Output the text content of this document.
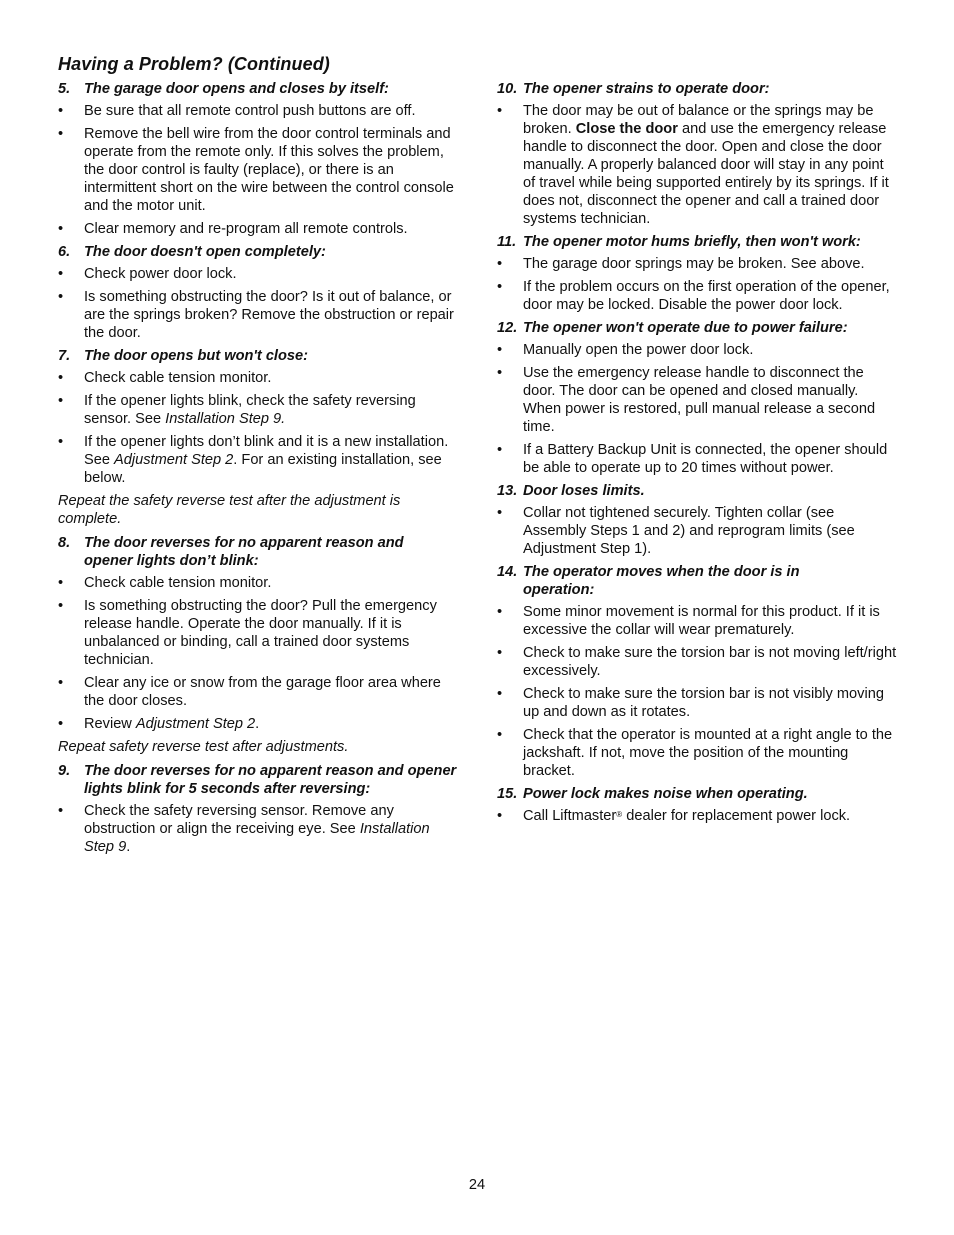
Having a Problem? (Continued)

5. The garage door opens and closes by itself:

•	Be sure that all remote control push buttons are off.
•	Remove the bell wire from the door control terminals and operate from the remote only. If this solves the problem, the door control is faulty (replace), or there is an intermittent short on the wire between the control console and the motor unit.
•	Clear memory and re-program all remote controls.

6. The door doesn't open completely:

•	Check power door lock.
•	Is something obstructing the door? Is it out of balance, or are the springs broken? Remove the obstruction or repair the door.

7. The door opens but won't close:

•	Check cable tension monitor.
•	If the opener lights blink, check the safety reversing sensor. See Installation Step 9.
•	If the opener lights don’t blink and it is a new installation. See Adjustment Step 2. For an existing installation, see below.

Repeat the safety reverse test after the adjustment is complete.

8. The door reverses for no apparent reason and opener lights don’t blink:

•	Check cable tension monitor.
•	Is something obstructing the door? Pull the emergency release handle. Operate the door manually. If it is unbalanced or binding, call a trained door systems technician.
•	Clear any ice or snow from the garage floor area where the door closes.
•	Review Adjustment Step 2.

Repeat safety reverse test after adjustments.

9. The door reverses for no apparent reason and opener lights blink for 5 seconds after reversing:

•	Check the safety reversing sensor. Remove any obstruction or align the receiving eye. See Installation Step 9.

10. The opener strains to operate door:

•	The door may be out of balance or the springs may be broken. Close the door and use the emergency release handle to disconnect the door. Open and close the door manually. A properly balanced door will stay in any point of travel while being supported entirely by its springs. If it does not, disconnect the opener and call a trained door systems technician.

11. The opener motor hums briefly, then won't work:

•	The garage door springs may be broken. See above.
•	If the problem occurs on the first operation of the opener, door may be locked. Disable the power door lock.

12. The opener won't operate due to power failure:

•	Manually open the power door lock.
•	Use the emergency release handle to disconnect the door. The door can be opened and closed manually. When power is restored, pull manual release a second time.
•	If a Battery Backup Unit is connected, the opener should be able to operate up to 20 times without power.

13. Door loses limits.

•	Collar not tightened securely. Tighten collar (see Assembly Steps 1 and 2) and reprogram limits (see Adjustment Step 1).

14. The operator moves when the door is in operation:

•	Some minor movement is normal for this product. If it is excessive the collar will wear prematurely.
•	Check to make sure the torsion bar is not moving left/right excessively.
•	Check to make sure the torsion bar is not visibly moving up and down as it rotates.
•	Check that the operator is mounted at a right angle to the jackshaft. If not, move the position of the mounting bracket.

15. Power lock makes noise when operating.

•	Call Liftmaster® dealer for replacement power lock.
24
